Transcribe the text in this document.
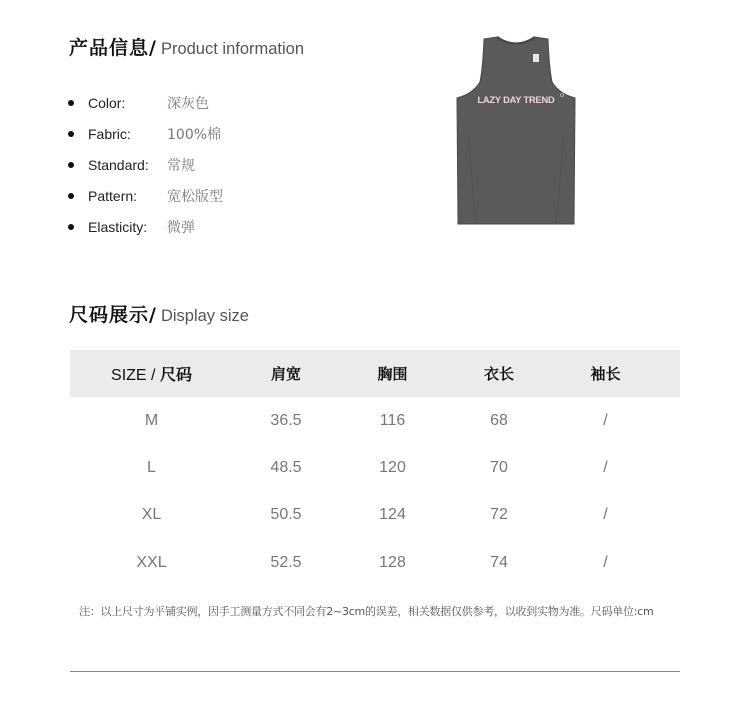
产品信息/ Product information
Color:	深灰色
Fabric:	100%棉
Standard:	常规
Pattern:	宽松版型
Elasticity:	微弹
LAZY DAY TREND
尺码展示/ Display size
SIZE / 尺码	肩宽	胸围	衣长	袖长
M	36.5	116	68	/
L	48.5	120	70	/
XL	50.5	124	72	/
XXL	52.5	128	74	/
注：以上尺寸为平铺实例，因手工测量方式不同会有2~3cm的误差，相关数据仅供参考，以收到实物为准。尺码单位:cm
